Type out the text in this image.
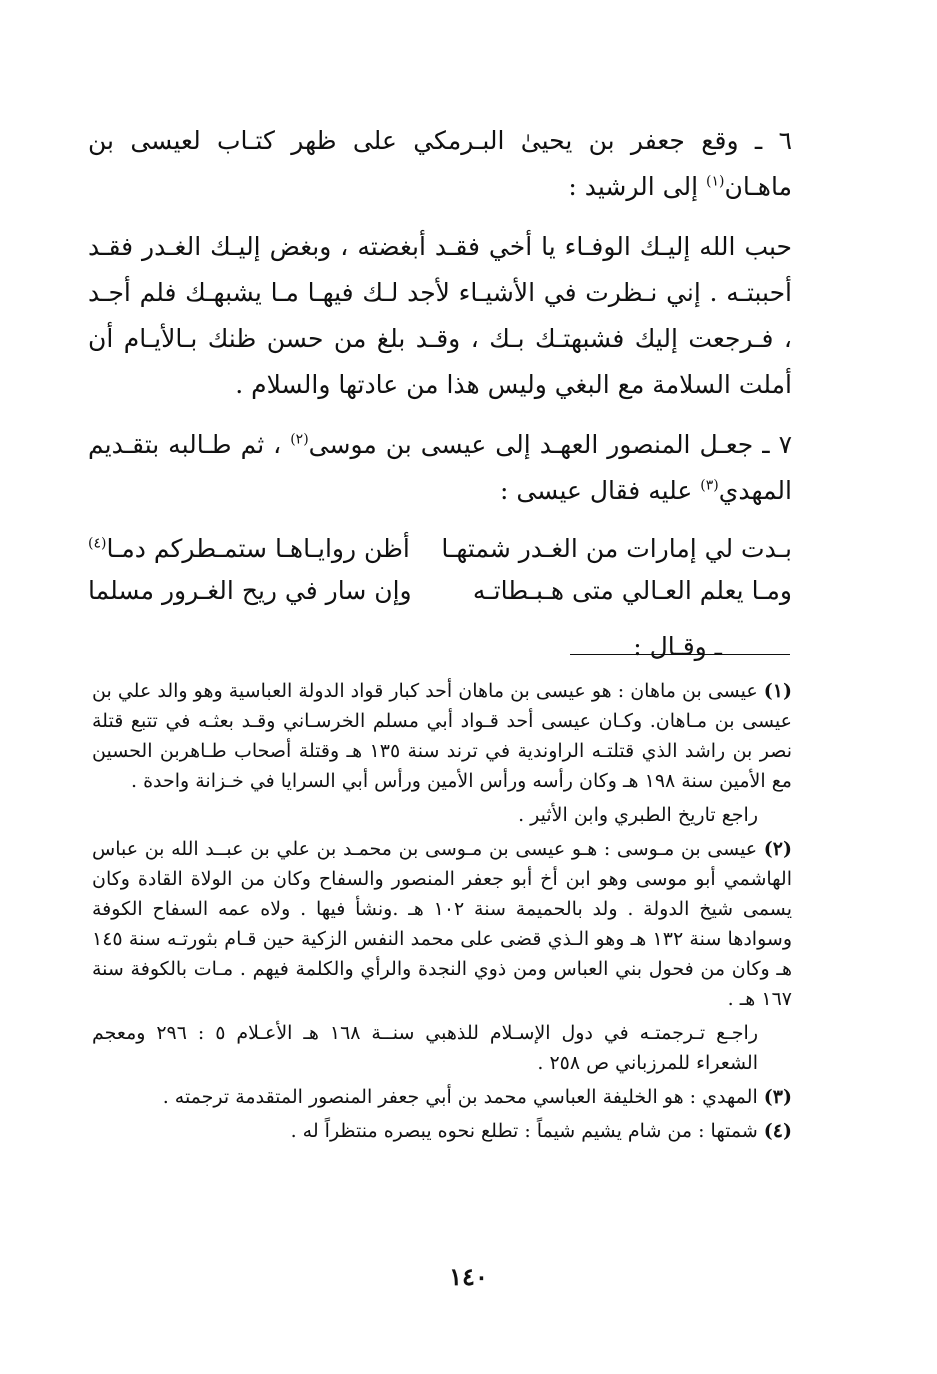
٦ ـ وقع جعفر بن يحيىٰ البـرمكي على ظهر كتـاب لعيسى بن ماهـان$^{(١)}$ إلى الرشيد :

حبب الله إليـك الوفـاء يا أخي فقـد أبغضته ، وبغض إليـك الغـدر فقـد أحببتـه . إني نـظرت في الأشيـاء لأجد لـك فيهـا مـا يشبهـك فلم أجـد ، فـرجعت إليك فشبهتـك بـك ، وقـد بلغ من حسن ظنك بـالأيـام أن أملت السلامة مع البغي وليس هذا من عادتها والسلام .

٧ ـ جعـل المنصور العهـد إلى عيسى بن موسى$^{(٢)}$ ، ثم طـالبه بتقـديم المهدي$^{(٣)}$ عليه فقال عيسى :

بـدت لي إمارات من الغـدر شمتهـا
أظن روايـاهـا ستمـطركم دمـا$^{(٤)}$
ومـا يعلم العـالي متى هـبـطاتـه
وإن سار في ريح الغـرور مسلما
ـ وقـال :

(١) عيسى بن ماهان : هو عيسى بن ماهان أحد كبار قواد الدولة العباسية وهو والد علي بن عيسى بن مـاهان. وكـان عيسى أحد قـواد أبي مسلم الخرسـاني وقـد بعثـه في تتبع قتلة نصر بن راشد الذي قتلتـه الراوندية في ترند سنة ١٣٥ هـ وقتلة أصحاب طـاهربن الحسين مع الأمين سنة ١٩٨ هـ وكان رأسه ورأس الأمين ورأس أبي السرايا في خـزانة واحدة .

راجع تاريخ الطبري وابن الأثير .

(٢) عيسى بن مـوسى : هـو عيسى بن مـوسى بن محمـد بن علي بن عبــد الله بن عباس الهاشمي أبو موسى وهو ابن أخ أبو جعفر المنصور والسفاح وكان من الولاة القادة وكان يسمى شيخ الدولة . ولد بالحميمة سنة ١٠٢ هـ .ونشأ فيها . ولاه عمه السفاح الكوفة وسوادها سنة ١٣٢ هـ وهو الـذي قضى على محمد النفس الزكية حين قـام بثورتـه سنة ١٤٥ هـ وكان من فحول بني العباس ومن ذوي النجدة والرأي والكلمة فيهم . مـات بالكوفة سنة ١٦٧ هـ .

راجـع تـرجمتـه في دول الإسـلام للذهبي سنــة ١٦٨ هـ الأعـلام ٥ : ٢٩٦ ومعجم الشعراء للمرزباني ص ٢٥٨ .

(٣) المهدي : هو الخليفة العباسي محمد بن أبي جعفر المنصور المتقدمة ترجمته .

(٤) شمتها : من شام يشيم شيماً : تطلع نحوه يبصره منتظراً له .

١٤٠
